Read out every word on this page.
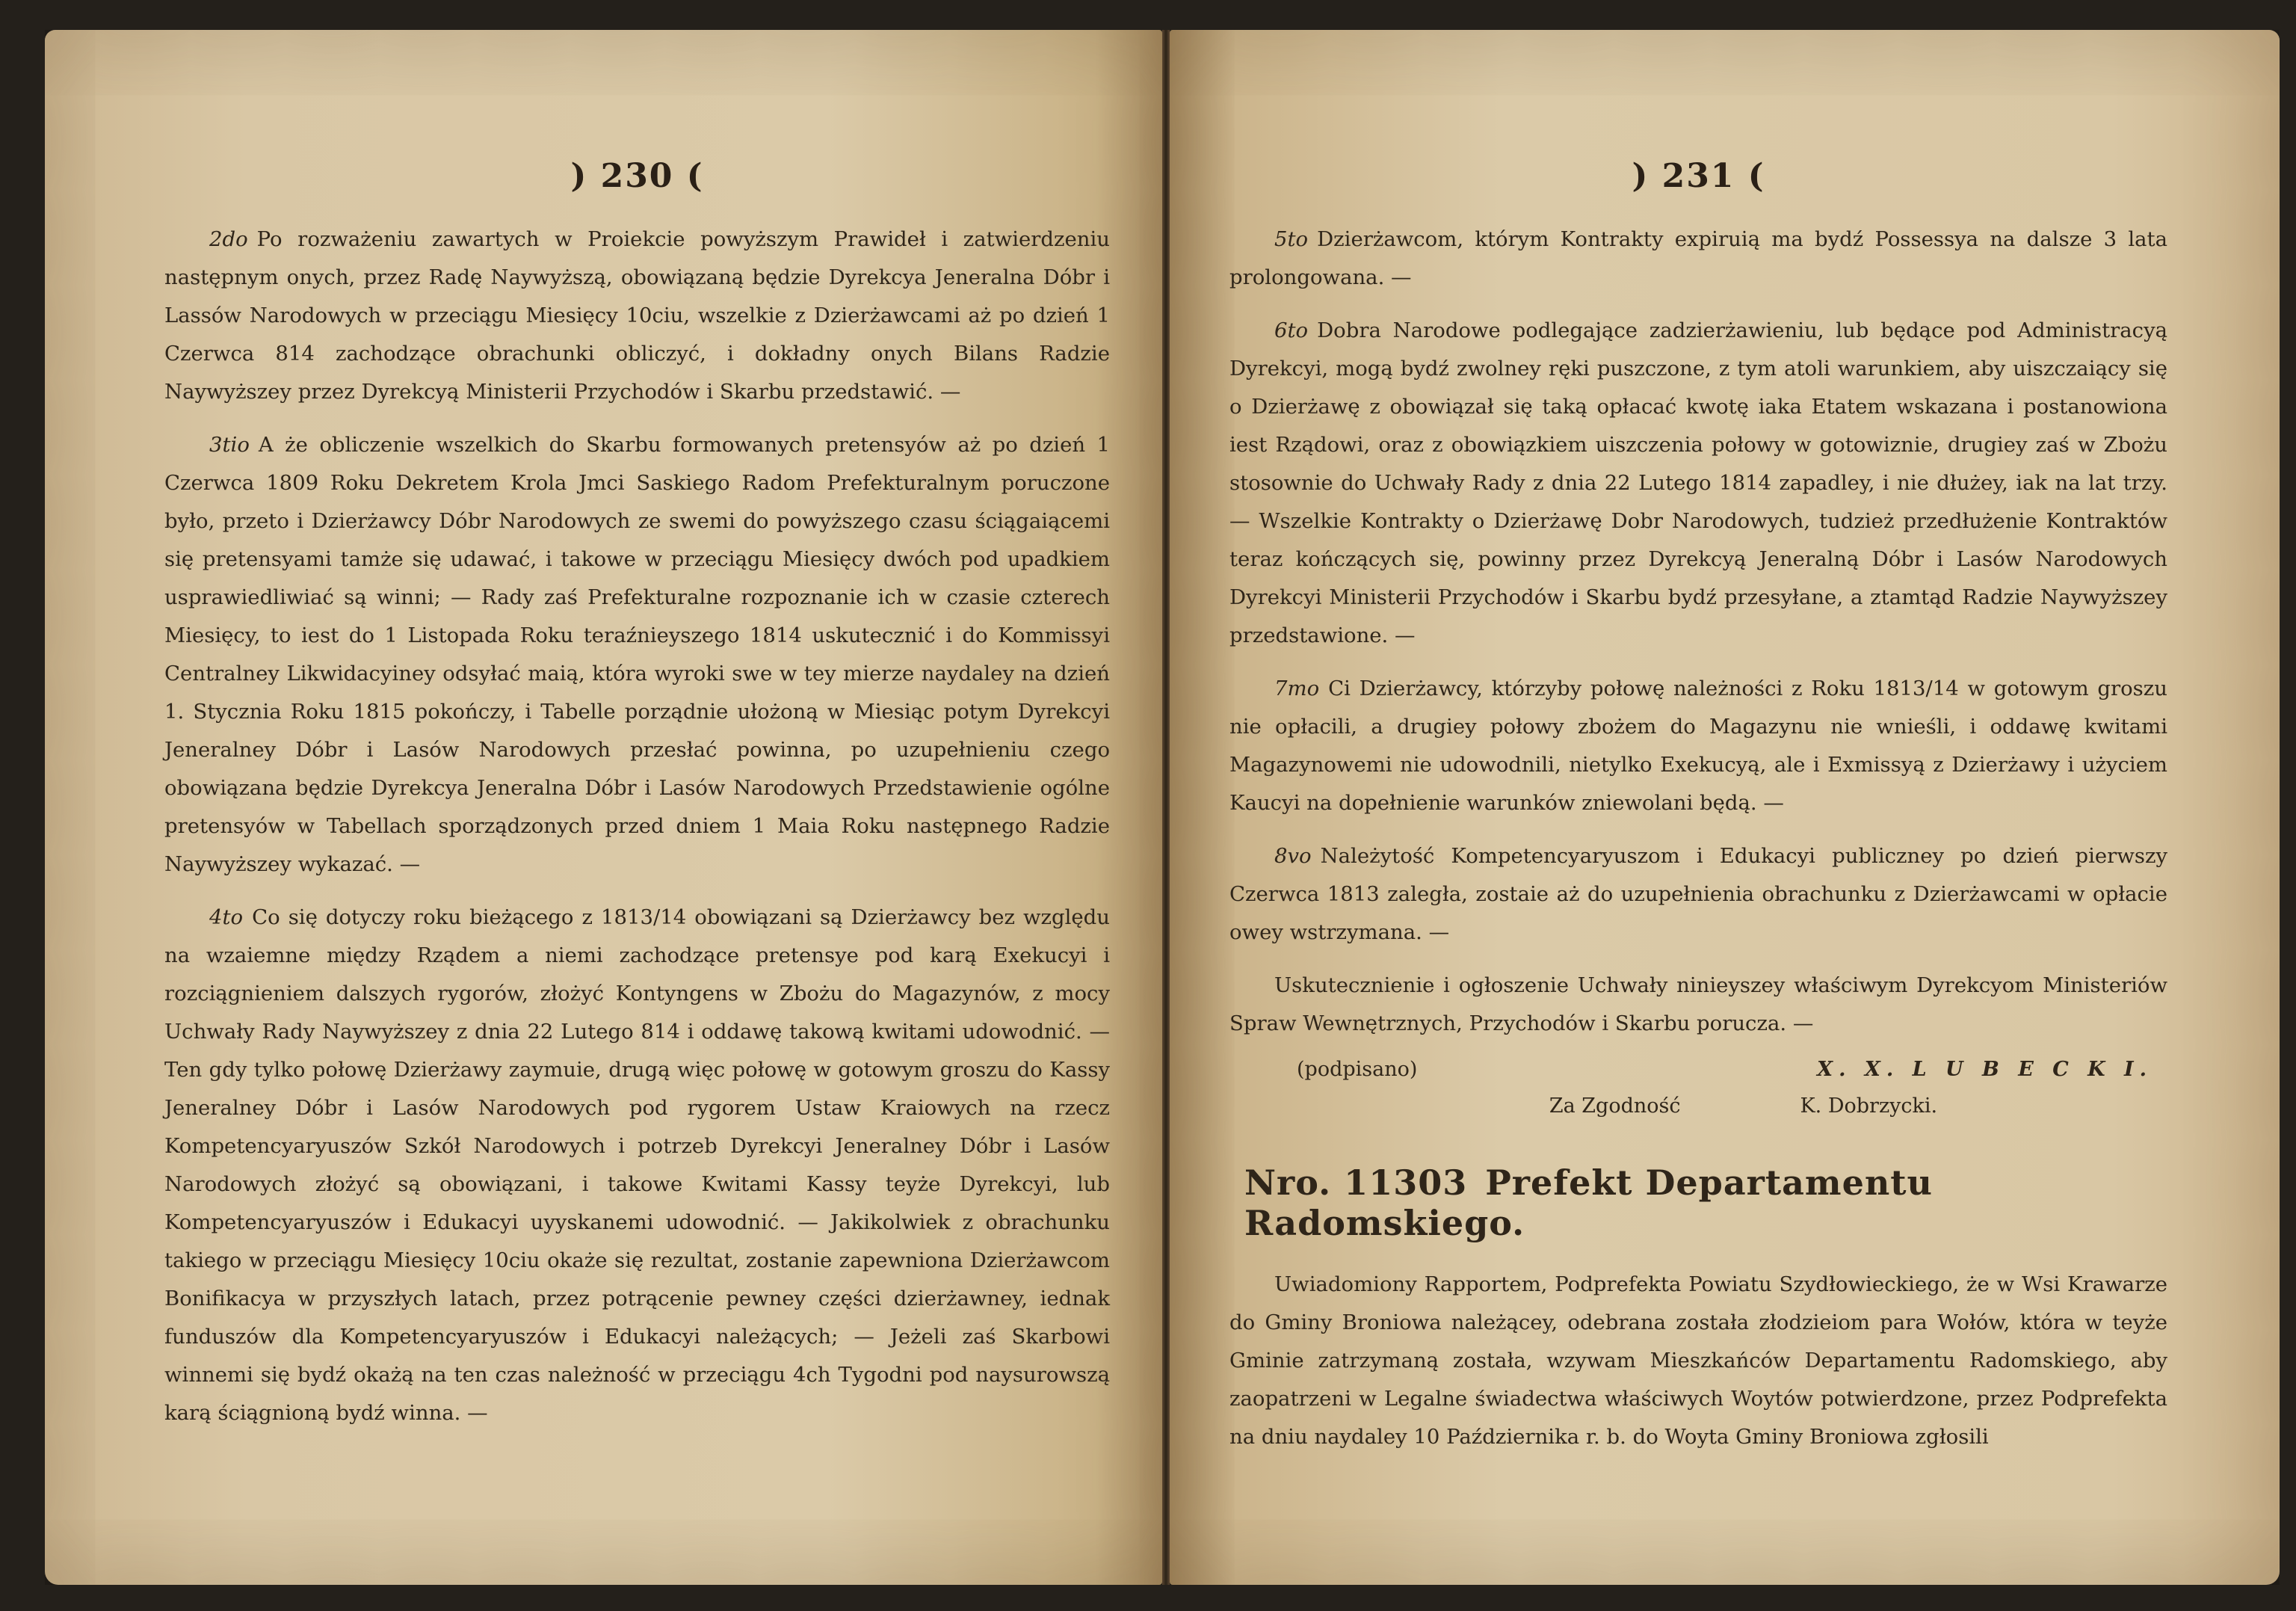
) 230 (

2do Po rozważeniu zawartych w Proiekcie powyższym Prawideł i zatwierdzeniu następnym onych, przez Radę Naywyższą, obowiązaną będzie Dyrekcya Jeneralna Dóbr i Lassów Narodowych w przeciągu Miesięcy 10ciu, wszelkie z Dzierżawcami aż po dzień 1 Czerwca 814 zachodzące obrachunki obliczyć, i dokładny onych Bilans Radzie Naywyższey przez Dyrekcyą Ministerii Przychodów i Skarbu przedstawić. —

3tio A że obliczenie wszelkich do Skarbu formowanych pretensyów aż po dzień 1 Czerwca 1809 Roku Dekretem Krola Jmci Saskiego Radom Prefekturalnym poruczone było, przeto i Dzierżawcy Dóbr Narodowych ze swemi do powyższego czasu ściągaiącemi się pretensyami tamże się udawać, i takowe w przeciągu Miesięcy dwóch pod upadkiem usprawiedliwiać są winni; — Rady zaś Prefekturalne rozpoznanie ich w czasie czterech Miesięcy, to iest do 1 Listopada Roku teraźnieyszego 1814 uskutecznić i do Kommissyi Centralney Likwidacyiney odsyłać maią, która wyroki swe w tey mierze naydaley na dzień 1. Stycznia Roku 1815 pokończy, i Tabelle porządnie ułożoną w Miesiąc potym Dyrekcyi Jeneralney Dóbr i Lasów Narodowych przesłać powinna, po uzupełnieniu czego obowiązana będzie Dyrekcya Jeneralna Dóbr i Lasów Narodowych Przedstawienie ogólne pretensyów w Tabellach sporządzonych przed dniem 1 Maia Roku następnego Radzie Naywyższey wykazać. —

4to Co się dotyczy roku bieżącego z 1813/14 obowiązani są Dzierżawcy bez względu na wzaiemne między Rządem a niemi zachodzące pretensye pod karą Exekucyi i rozciągnieniem dalszych rygorów, złożyć Kontyngens w Zbożu do Magazynów, z mocy Uchwały Rady Naywyższey z dnia 22 Lutego 814 i oddawę takową kwitami udowodnić. — Ten gdy tylko połowę Dzierżawy zaymuie, drugą więc połowę w gotowym groszu do Kassy Jeneralney Dóbr i Lasów Narodowych pod rygorem Ustaw Kraiowych na rzecz Kompetencyaryuszów Szkół Narodowych i potrzeb Dyrekcyi Jeneralney Dóbr i Lasów Narodowych złożyć są obowiązani, i takowe Kwitami Kassy teyże Dyrekcyi, lub Kompetencyaryuszów i Edukacyi uyyskanemi udowodnić. — Jakikolwiek z obrachunku takiego w przeciągu Miesięcy 10ciu okaże się rezultat, zostanie zapewniona Dzierżawcom Bonifikacya w przyszłych latach, przez potrącenie pewney części dzierżawney, iednak funduszów dla Kompetencyaryuszów i Edukacyi należących; — Jeżeli zaś Skarbowi winnemi się bydź okażą na ten czas należność w przeciągu 4ch Tygodni pod naysurowszą karą ściągnioną bydź winna. —

) 231 (

5to Dzierżawcom, którym Kontrakty expiruią ma bydź Possessya na dalsze 3 lata prolongowana. —

6to Dobra Narodowe podlegające zadzierżawieniu, lub będące pod Administracyą Dyrekcyi, mogą bydź zwolney ręki puszczone, z tym atoli warunkiem, aby uiszczaiący się o Dzierżawę z obowiązał się taką opłacać kwotę iaka Etatem wskazana i postanowiona iest Rządowi, oraz z obowiązkiem uiszczenia połowy w gotowiznie, drugiey zaś w Zbożu stosownie do Uchwały Rady z dnia 22 Lutego 1814 zapadley, i nie dłużey, iak na lat trzy. — Wszelkie Kontrakty o Dzierżawę Dobr Narodowych, tudzież przedłużenie Kontraktów teraz kończących się, powinny przez Dyrekcyą Jeneralną Dóbr i Lasów Narodowych Dyrekcyi Ministerii Przychodów i Skarbu bydź przesyłane, a ztamtąd Radzie Naywyższey przedstawione. —

7mo Ci Dzierżawcy, którzyby połowę należności z Roku 1813/14 w gotowym groszu nie opłacili, a drugiey połowy zbożem do Magazynu nie wnieśli, i oddawę kwitami Magazynowemi nie udowodnili, nietylko Exekucyą, ale i Exmissyą z Dzierżawy i użyciem Kaucyi na dopełnienie warunków zniewolani będą. —

8vo Należytość Kompetencyaryuszom i Edukacyi publiczney po dzień pierwszy Czerwca 1813 zaległa, zostaie aż do uzupełnienia obrachunku z Dzierżawcami w opłacie owey wstrzymana. —

Uskutecznienie i ogłoszenie Uchwały ninieyszey właściwym Dyrekcyom Ministeriów Spraw Wewnętrznych, Przychodów i Skarbu porucza. —

(podpisano)	X. X. L U B E C K I.
Za Zgodność	K. Dobrzycki.
Nro. 11303 Prefekt Departamentu Radomskiego.

Uwiadomiony Rapportem, Podprefekta Powiatu Szydłowieckiego, że w Wsi Krawarze do Gminy Broniowa należącey, odebrana została złodzieiom para Wołów, która w teyże Gminie zatrzymaną została, wzywam Mieszkańców Departamentu Radomskiego, aby zaopatrzeni w Legalne świadectwa właściwych Woytów potwierdzone, przez Podprefekta na dniu naydaley 10 Października r. b. do Woyta Gminy Broniowa zgłosili
